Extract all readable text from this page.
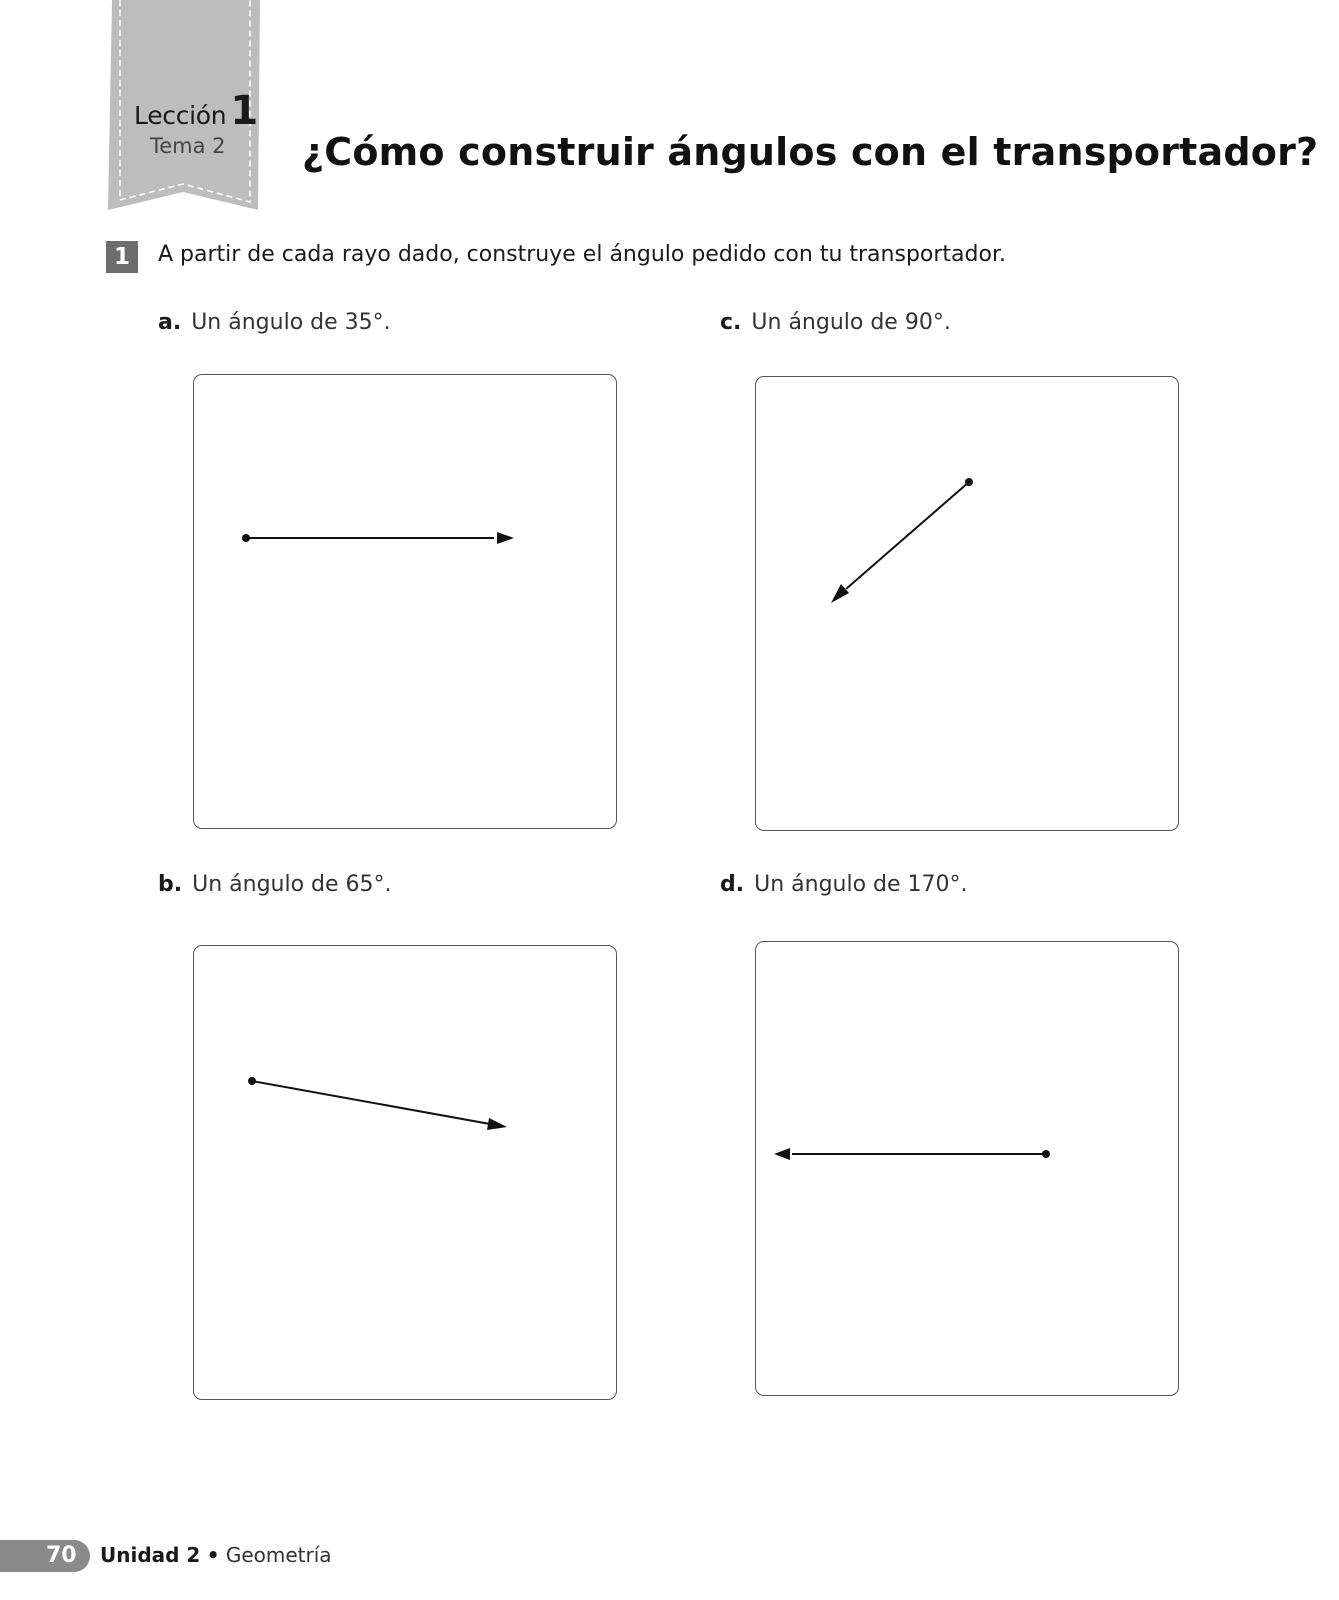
Lección 1
Tema 2 ¿Cómo construir ángulos con el transportador?
1	A partir de cada rayo dado, construye el ángulo pedido con tu transportador.
a. Un ángulo de 35°.	c. Un ángulo de 90°.
b. Un ángulo de 65°.	d. Un ángulo de 170°.
70 Unidad 2 • Geometría
